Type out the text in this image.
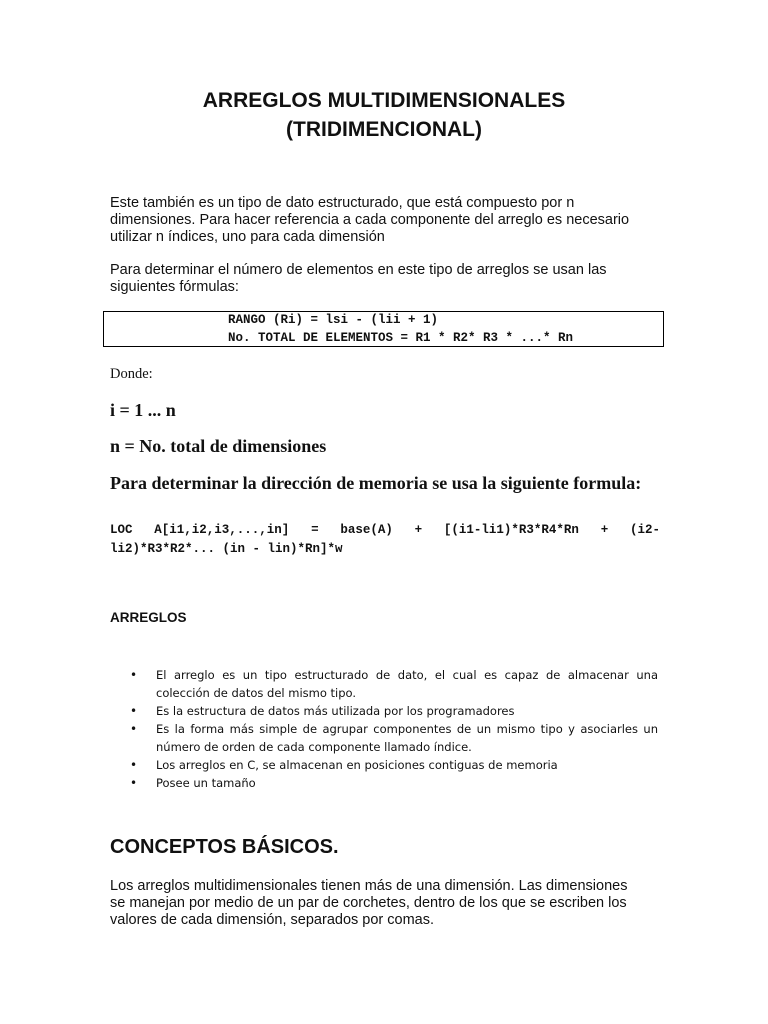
ARREGLOS MULTIDIMENSIONALES
(TRIDIMENCIONAL)
Este también es un tipo de dato estructurado, que está compuesto por n
dimensiones. Para hacer referencia a cada componente del arreglo es necesario
utilizar n índices, uno para cada dimensión
Para determinar el número de elementos en este tipo de arreglos se usan las
siguientes fórmulas:
RANGO (Ri) = lsi - (lii + 1)
No. TOTAL DE ELEMENTOS = R1 * R2* R3 * ...* Rn
Donde:
i = 1 ... n
n = No. total de dimensiones
Para determinar la dirección de memoria se usa la siguiente formula:
LOC A[i1,i2,i3,...,in] = base(A) + [(i1-li1)*R3*R4*Rn + (i2-li2)*R3*R2*... (in - lin)*Rn]*w
ARREGLOS
• El arreglo es un tipo estructurado de dato, el cual es capaz de almacenar una colección de datos del mismo tipo.
• Es la estructura de datos más utilizada por los programadores
• Es la forma más simple de agrupar componentes de un mismo tipo y asociarles un número de orden de cada componente llamado índice.
• Los arreglos en C, se almacenan en posiciones contiguas de memoria
• Posee un tamaño
CONCEPTOS BÁSICOS.
Los arreglos multidimensionales tienen más de una dimensión. Las dimensiones
se manejan por medio de un par de corchetes, dentro de los que se escriben los
valores de cada dimensión, separados por comas.
